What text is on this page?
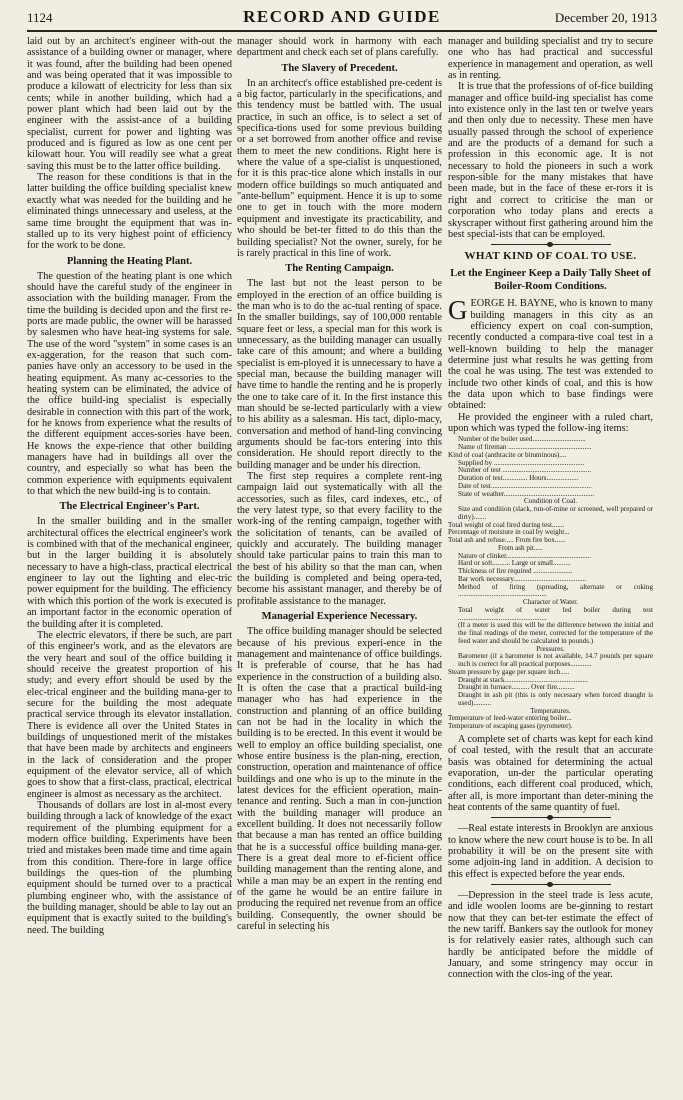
1124	RECORD AND GUIDE	December 20, 1913

laid out by an architect's engineer with-out the assistance of a building owner or manager, where it was found, after the building had been opened and was being operated that it was impossible to produce a kilowatt of electricity for less than six cents; while in another building, which had a power plant which had been laid out by the engineer with the assist-ance of a building specialist, current for power and lighting was produced and is figured as low as one cent per kilowatt hour. You will readily see what a great saving this must be to the latter office building.

The reason for these conditions is that in the latter building the office building specialist knew exactly what was needed for the building and he eliminated things unnecessary and useless, at the same time brought the equipment that was in-stalled up to its very highest point of efficiency for the work to be done.

Planning the Heating Plant.

The question of the heating plant is one which should have the careful study of the engineer in association with the building manager. From the time the building is decided upon and the first re-ports are made public, the owner will be harassed by salesmen who have heat-ing systems for sale. The use of the word "system" in some cases is an ex-aggeration, for the reason that such com-panies have only an accessory to be used in the heating equipment. As many ac-cessories to the heating system can be eliminated, the advice of the office build-ing specialist is especially desirable in connection with this part of the work, for he knows from experience what the results of the different equipment acces-sories have been. He knows the expe-rience that other building managers have had in buildings all over the country, and especially so what has been the common experience with equipments equivalent to that which the new build-ing is to contain.

The Electrical Engineer's Part.

In the smaller building and in the smaller architectural offices the electrical engineer's work is combined with that of the mechanical engineer, but in the larger building it is absolutely necessary to have a high-class, practical electrical engineer to lay out the lighting and elec-tric power equipment for the building. The efficiency with which this portion of the work is executed is an important factor in the economic operation of the building after it is completed.

The electric elevators, if there be such, are part of this engineer's work, and as the elevators are the very heart and soul of the office building it should receive the greatest proportion of his study; and every effort should be used by the elec-trical engineer and the building mana-ger to secure for the building the most adequate practical service through its elevator installation. There is evidence all over the United States in buildings of unquestioned merit of the mistakes that have been made by architects and engineers in the lack of consideration and the proper equipment of the elevator service, all of which goes to show that a first-class, practical, electrical engineer is almost as necessary as the architect.

Thousands of dollars are lost in al-most every building through a lack of knowledge of the exact requirement of the plumbing equipment for a modern office building. Experiments have been tried and mistakes been made time and time again from this condition. There-fore in large office buildings the ques-tion of the plumbing equipment should be turned over to a practical plumbing engineer who, with the assistance of the building manager, should be able to lay out an equipment that is exactly suited to the building's need. The building

manager should work in harmony with each department and check each set of plans carefully.

The Slavery of Precedent.

In an architect's office established pre-cedent is a big factor, particularly in the specifications, and this tendency must be battled with. The usual practice, in such an office, is to select a set of specifica-tions used for some previous building or a set borrowed from another office and revise them to meet the new conditions. Right here is where the value of a spe-cialist is unquestioned, for it is this prac-tice alone which installs in our modern office buildings so much antiquated and "ante-bellum" equipment. Hence it is up to some one to get in touch with the more modern equipment and investigate its practicability, and who should be bet-ter fitted to do this than the building specialist? Not the owner, surely, for he is rarely practical in this line of work.

The Renting Campaign.

The last but not the least person to be employed in the erection of an office building is the man who is to do the ac-tual renting of space. In the smaller buildings, say of 100,000 rentable square feet or less, a special man for this work is unnecessary, as the building manager can usually take care of this amount; and where a building specialist is em-ployed it is unnecessary to have a special man, because the building manager will have time to handle the renting and he is properly the one to take care of it. In the first instance this man should be se-lected particularly with a view to his ability as a salesman. His tact, diplo-macy, conversation and method of hand-ling convincing arguments should be fac-tors entering into this consideration. He should report directly to the building manager and be under his direction.

The first step requires a complete rent-ing campaign laid out systematically with all the accessories, such as files, card indexes, etc., of the very latest type, so that every facility to the work-ing of the renting campaign, together with the solicitation of tenants, can be availed of quickly and accurately. The building manager should take particular pains to train this man to the best of his ability so that the man can, when the building is completed and being opera-ted, become his assistant manager, and thereby be of profitable assistance to the manager.

Managerial Experience Necessary.

The office building manager should be selected because of his previous experi-ence in the management and maintenance of office buildings. It is preferable of course, that he has had experience in the construction of a building also. It is often the case that a practical build-ing manager who has had experience in the construction and planning of an office building can not be had in the locality in which the building is to be erected. In this event it would be well to employ an office building specialist, one whose entire business is the plan-ning, erection, construction, operation and maintenance of office buildings and one who is up to the minute in the latest devices for the efficient operation, main-tenance and renting. Such a man in con-junction with the building manager will produce an excellent building. It does not necessarily follow that because a man has rented an office building that he is a successful office building mana-ger. There is a great deal more to ef-ficient office building management than the renting alone, and while a man may be an expert in the renting end of the game he would be an entire failure in producing the required net revenue from an office building. Consequently, the owner should be careful in selecting his

manager and building specialist and try to secure one who has had practical and successful experience in management and operation, as well as in renting.

It is true that the professions of of-fice building manager and office build-ing specialist has come into existence only in the last ten or twelve years and then only due to necessity. These men have usually passed through the school of experience and are the products of a demand for such a profession in this economic age. It is not necessary to hold the pioneers in such a work respon-sible for the many mistakes that have been made, but in the face of these er-rors it is right and correct to criticise the man or corporation who today plans and erects a skyscraper without first gathering around him the best special-ists that can be employed.

WHAT KIND OF COAL TO USE.
Let the Engineer Keep a Daily Tally Sheet of Boiler-Room Conditions.

GEORGE H. BAYNE, who is known to many building managers in this city as an efficiency expert on coal con-sumption, recently conducted a compara-tive coal test in a well-known building to help the manager determine just what results he was getting from the coal he was using. The test was extended to include two other kinds of coal, and this is how the data upon which to base findings were obtained:

He provided the engineer with a ruled chart, upon which was typed the follow-ing items:

Number of the boiler used..............................
Name of fireman ...............................................
Kind of coal (anthracite or bituminous)....
Supplied by ...................................................
Number of test ..................................................
Duration of test.............. Hours..................
Date of test.........................................................
State of weather...................................................
Condition of Coal.
Size and condition (slack, run-of-mine or screened, well prepared or dirty).......
Total weight of coal fired during test.......
Percentage of moisture in coal by weight...
Total ash and refuse..... From fire box......
From ash pit.....
Nature of clinker................................................
Hard or soft.......... Large or small..........
Thickness of fire required ......................
Bar work necessary.........................................
Method of firing (spreading, alternate or coking ..................................................
Character of Water.
Total weight of water fed boiler during test ..................................................
(If a meter is used this will be the difference between the initial and the final readings of the meter, corrected for the temperature of the feed water and should be calculated in pounds.)
Pressures.
Barometer (if a barometer is not available, 14.7 pounds per square inch is correct for all practical purposes............
Steam pressure by gage per square inch.....
Draught at stack...............................................
Draught in furnace.......... Over fire..........
Draught in ash pit (this is only necessary when forced draught is used)..........
Temperatures.
Temperature of feed-water entering boiler...
Temperature of escaping gases (pyrometer).

A complete set of charts was kept for each kind of coal tested, with the result that an accurate basis was obtained for determining the actual evaporation, un-der the particular operating conditions, each different coal produced, which, after all, is more important than deter-mining the heat contents of the same quantity of fuel.

—Real estate interests in Brooklyn are anxious to know where the new court house is to be. In all probability it will be on the present site with some adjoin-ing land in addition. A decision to this effect is expected before the year ends.

—Depression in the steel trade is less acute, and idle woolen looms are be-ginning to restart now that they can bet-ter estimate the effect of the new tariff. Bankers say the outlook for money is for relatively easier rates, although such can hardly be anticipated before the middle of January, and some stringency may occur in connection with the clos-ing of the year.
